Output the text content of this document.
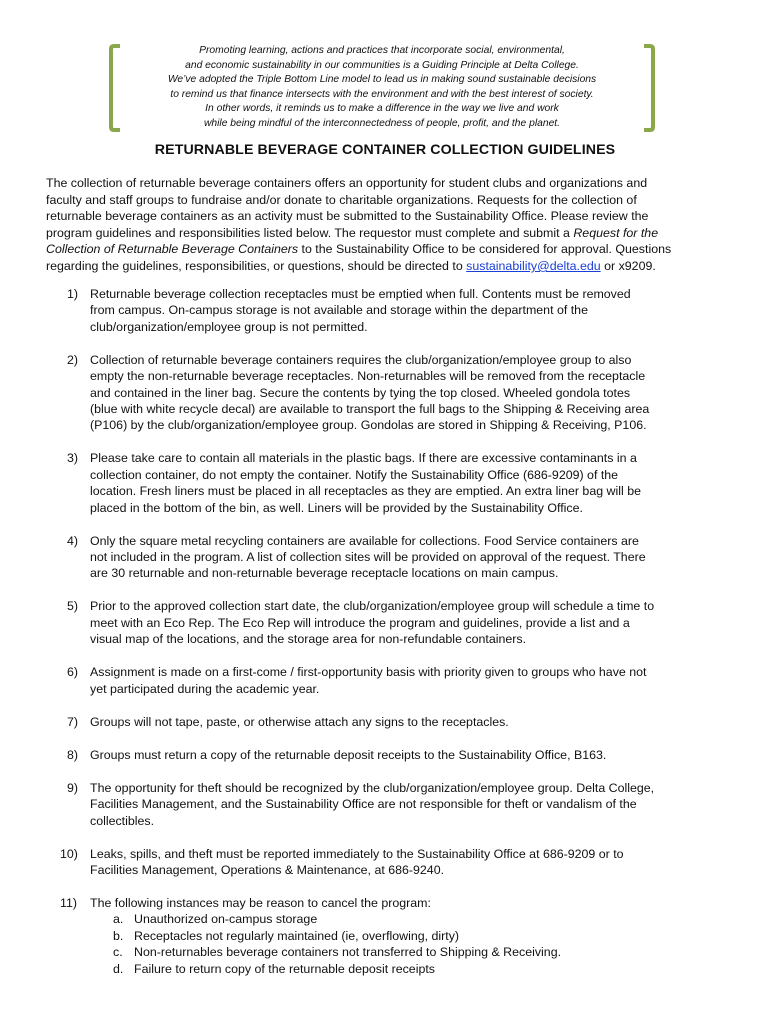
Promoting learning, actions and practices that incorporate social, environmental,
and economic sustainability in our communities is a Guiding Principle at Delta College.
We’ve adopted the Triple Bottom Line model to lead us in making sound sustainable decisions
to remind us that finance intersects with the environment and with the best interest of society.
In other words, it reminds us to make a difference in the way we live and work
while being mindful of the interconnectedness of people, profit, and the planet.
RETURNABLE BEVERAGE CONTAINER COLLECTION GUIDELINES
The collection of returnable beverage containers offers an opportunity for student clubs and organizations and
faculty and staff groups to fundraise and/or donate to charitable organizations. Requests for the collection of
returnable beverage containers as an activity must be submitted to the Sustainability Office. Please review the
program guidelines and responsibilities listed below. The requestor must complete and submit a Request for the
Collection of Returnable Beverage Containers to the Sustainability Office to be considered for approval. Questions
regarding the guidelines, responsibilities, or questions, should be directed to sustainability@delta.edu or x9209.
1) Returnable beverage collection receptacles must be emptied when full. Contents must be removed
from campus. On-campus storage is not available and storage within the department of the
club/organization/employee group is not permitted.
2) Collection of returnable beverage containers requires the club/organization/employee group to also
empty the non-returnable beverage receptacles. Non-returnables will be removed from the receptacle
and contained in the liner bag. Secure the contents by tying the top closed. Wheeled gondola totes
(blue with white recycle decal) are available to transport the full bags to the Shipping & Receiving area
(P106) by the club/organization/employee group. Gondolas are stored in Shipping & Receiving, P106.
3) Please take care to contain all materials in the plastic bags. If there are excessive contaminants in a
collection container, do not empty the container. Notify the Sustainability Office (686-9209) of the
location. Fresh liners must be placed in all receptacles as they are emptied. An extra liner bag will be
placed in the bottom of the bin, as well. Liners will be provided by the Sustainability Office.
4) Only the square metal recycling containers are available for collections. Food Service containers are
not included in the program. A list of collection sites will be provided on approval of the request. There
are 30 returnable and non-returnable beverage receptacle locations on main campus.
5) Prior to the approved collection start date, the club/organization/employee group will schedule a time to
meet with an Eco Rep. The Eco Rep will introduce the program and guidelines, provide a list and a
visual map of the locations, and the storage area for non-refundable containers.
6) Assignment is made on a first-come / first-opportunity basis with priority given to groups who have not
yet participated during the academic year.
7) Groups will not tape, paste, or otherwise attach any signs to the receptacles.
8) Groups must return a copy of the returnable deposit receipts to the Sustainability Office, B163.
9) The opportunity for theft should be recognized by the club/organization/employee group. Delta College,
Facilities Management, and the Sustainability Office are not responsible for theft or vandalism of the
collectibles.
10) Leaks, spills, and theft must be reported immediately to the Sustainability Office at 686-9209 or to
Facilities Management, Operations & Maintenance, at 686-9240.
11) The following instances may be reason to cancel the program:
a. Unauthorized on-campus storage
b. Receptacles not regularly maintained (ie, overflowing, dirty)
c. Non-returnables beverage containers not transferred to Shipping & Receiving.
d. Failure to return copy of the returnable deposit receipts
